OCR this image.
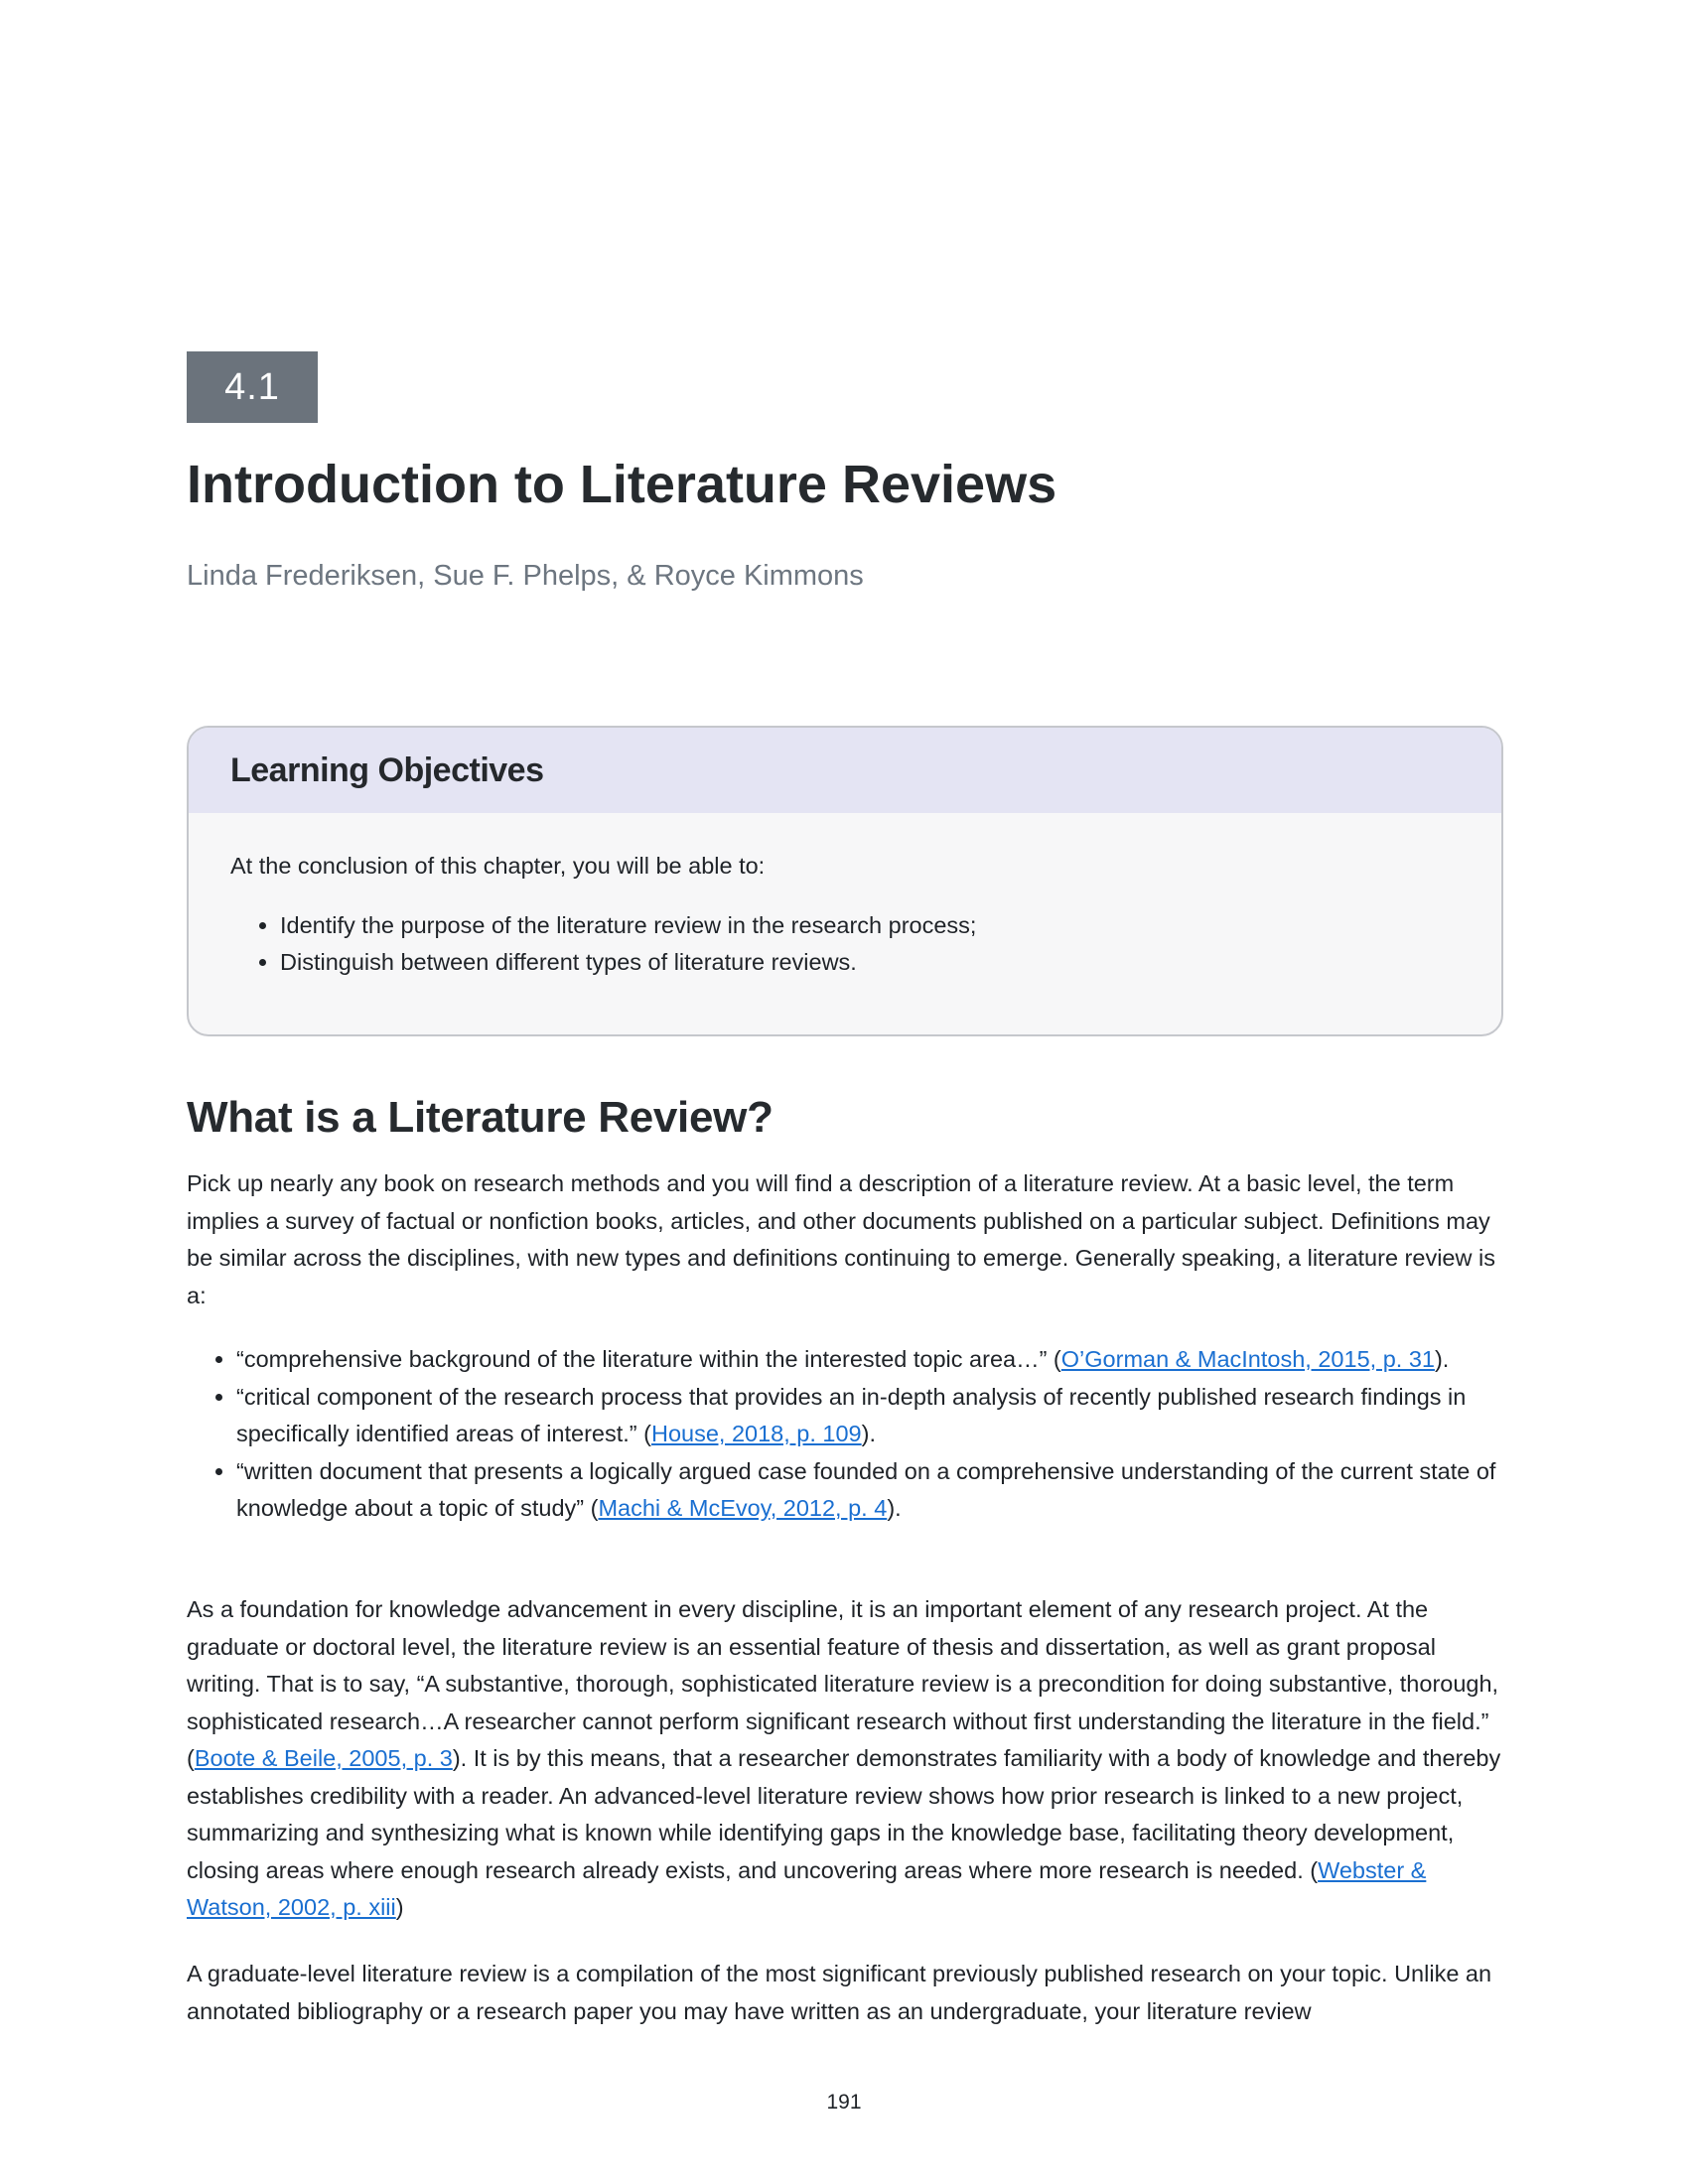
4.1
Introduction to Literature Reviews

Linda Frederiksen, Sue F. Phelps, & Royce Kimmons

Learning Objectives

At the conclusion of this chapter, you will be able to:

• Identify the purpose of the literature review in the research process;
• Distinguish between different types of literature reviews.
What is a Literature Review?

Pick up nearly any book on research methods and you will find a description of a literature review. At a basic level, the term implies a survey of factual or nonfiction books, articles, and other documents published on a particular subject. Definitions may be similar across the disciplines, with new types and definitions continuing to emerge. Generally speaking, a literature review is a:

• “comprehensive background of the literature within the interested topic area…” (O’Gorman & MacIntosh, 2015, p. 31).
• “critical component of the research process that provides an in-depth analysis of recently published research findings in specifically identified areas of interest.” (House, 2018, p. 109).
• “written document that presents a logically argued case founded on a comprehensive understanding of the current state of knowledge about a topic of study” (Machi & McEvoy, 2012, p. 4).

As a foundation for knowledge advancement in every discipline, it is an important element of any research project. At the graduate or doctoral level, the literature review is an essential feature of thesis and dissertation, as well as grant proposal writing. That is to say, “A substantive, thorough, sophisticated literature review is a precondition for doing substantive, thorough, sophisticated research…A researcher cannot perform significant research without first understanding the literature in the field.” (Boote & Beile, 2005, p. 3). It is by this means, that a researcher demonstrates familiarity with a body of knowledge and thereby establishes credibility with a reader. An advanced-level literature review shows how prior research is linked to a new project, summarizing and synthesizing what is known while identifying gaps in the knowledge base, facilitating theory development, closing areas where enough research already exists, and uncovering areas where more research is needed. (Webster & Watson, 2002, p. xiii)

A graduate-level literature review is a compilation of the most significant previously published research on your topic. Unlike an annotated bibliography or a research paper you may have written as an undergraduate, your literature review

191
